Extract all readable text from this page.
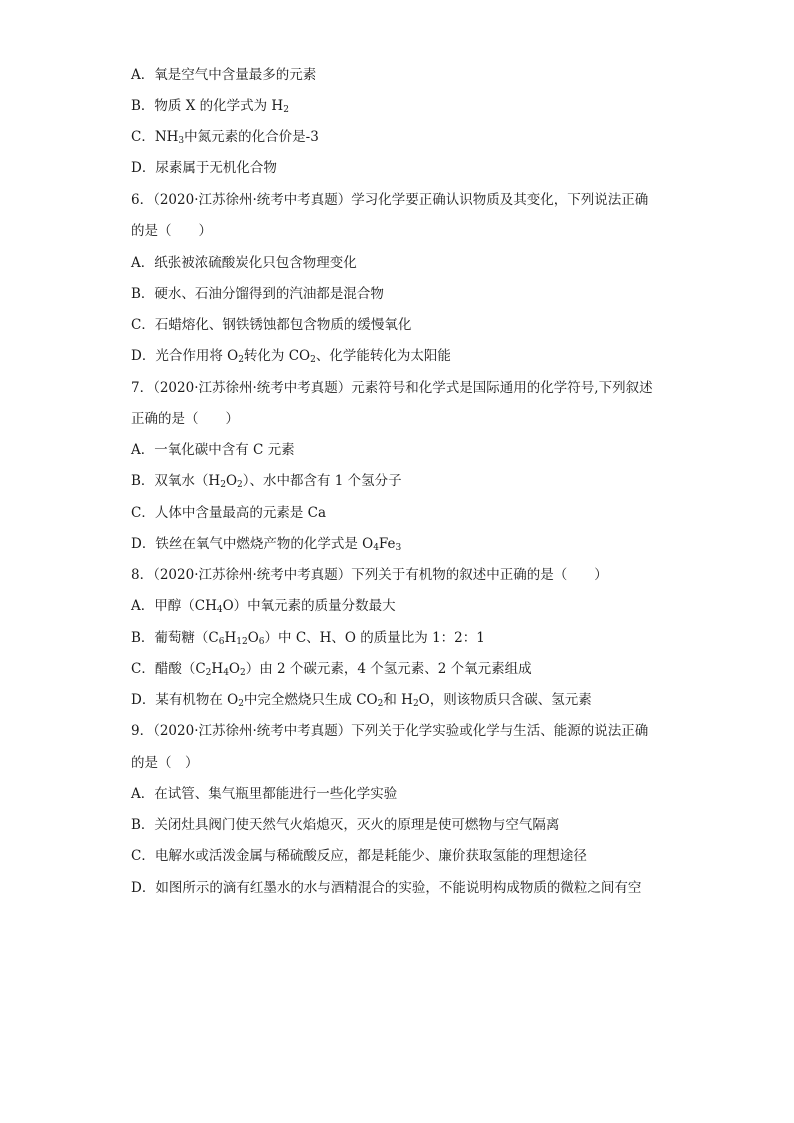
A．氧是空气中含量最多的元素
B．物质 X 的化学式为 $H_2$
C．$NH_3$中氮元素的化合价是-3
D．尿素属于无机化合物
6．（2020·江苏徐州·统考中考真题）学习化学要正确认识物质及其变化，下列说法正确
的是（　　）
A．纸张被浓硫酸炭化只包含物理变化
B．硬水、石油分馏得到的汽油都是混合物
C．石蜡熔化、钢铁锈蚀都包含物质的缓慢氧化
D．光合作用将 $O_2$转化为 $CO_2$、化学能转化为太阳能
7．（2020·江苏徐州·统考中考真题）元素符号和化学式是国际通用的化学符号,下列叙述
正确的是（　　）
A．一氧化碳中含有 C 元素
B．双氧水$(H_2O_2)$、水中都含有 1 个氢分子
C．人体中含量最高的元素是 Ca
D．铁丝在氧气中燃烧产物的化学式是 $O_4Fe_3$
8．（2020·江苏徐州·统考中考真题）下列关于有机物的叙述中正确的是（　　）
A．甲醇$(CH_4O)$中氧元素的质量分数最大
B．葡萄糖$(C_6H_{12}O_6)$中 C、H、O 的质量比为 1：2：1
C．醋酸$(C_2H_4O_2)$由 2 个碳元素，4 个氢元素、2 个氧元素组成
D．某有机物在 $O_2$中完全燃烧只生成 $CO_2$和 $H_2O$，则该物质只含碳、氢元素
9．（2020·江苏徐州·统考中考真题）下列关于化学实验或化学与生活、能源的说法正确
的是（　）
A．在试管、集气瓶里都能进行一些化学实验
B．关闭灶具阀门使天然气火焰熄灭，灭火的原理是使可燃物与空气隔离
C．电解水或活泼金属与稀硫酸反应，都是耗能少、廉价获取氢能的理想途径
D．如图所示的滴有红墨水的水与酒精混合的实验，不能说明构成物质的微粒之间有空
